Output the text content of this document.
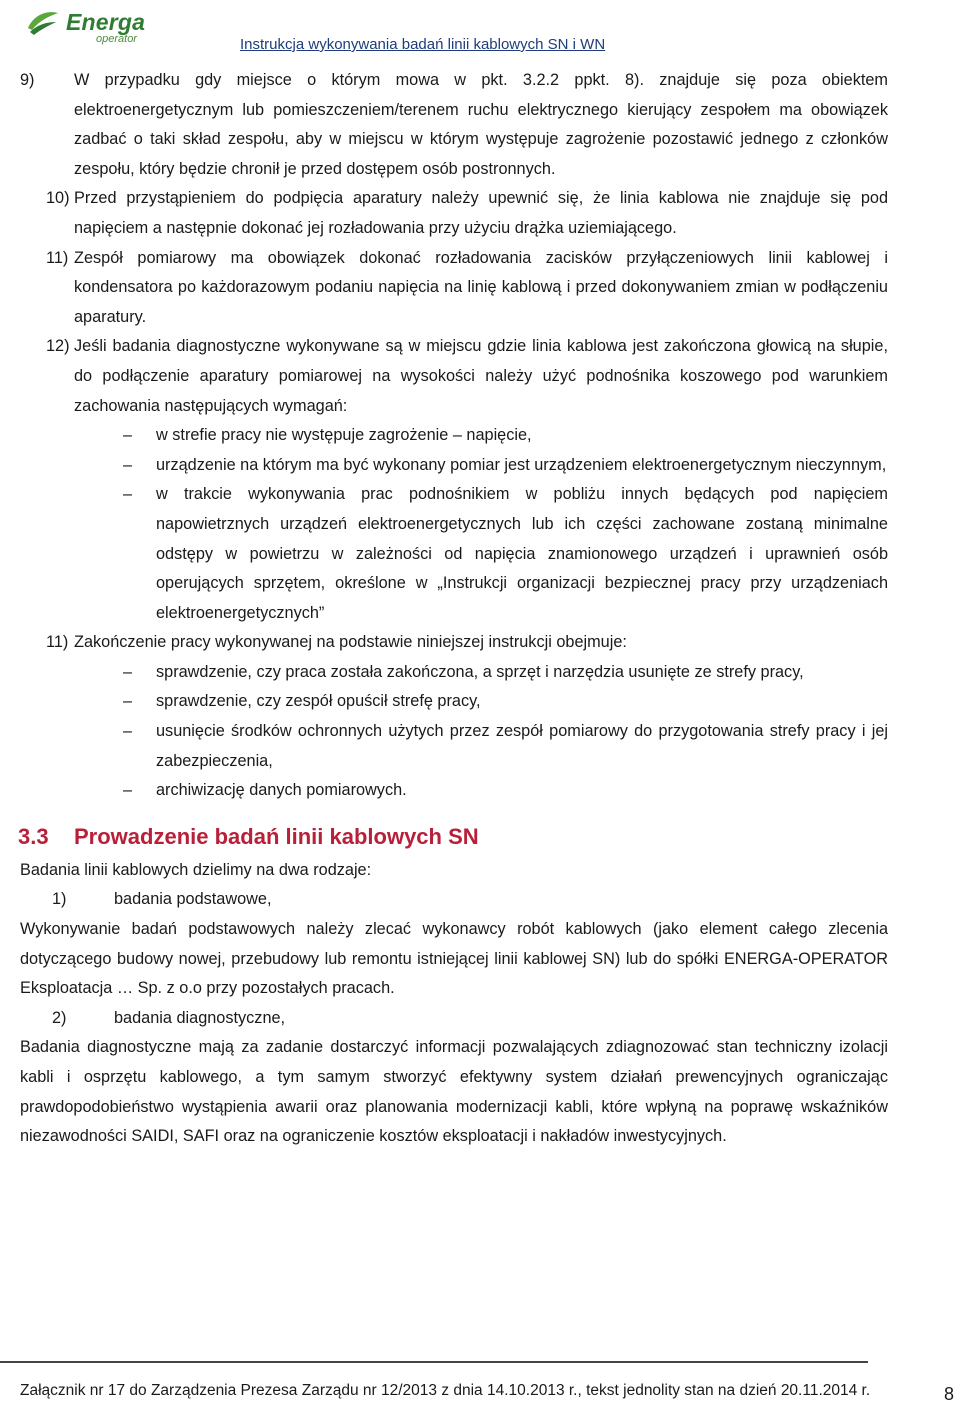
Energa
operator	Instrukcja wykonywania badań linii kablowych SN i WN

9) W przypadku gdy miejsce o którym mowa w pkt. 3.2.2 ppkt. 8). znajduje się poza obiektem elektroenergetycznym lub pomieszczeniem/terenem ruchu elektrycznego kierujący zespołem ma obowiązek zadbać o taki skład zespołu, aby w miejscu w którym występuje zagrożenie pozostawić jednego z członków zespołu, który będzie chronił je przed dostępem osób postronnych.

10) Przed przystąpieniem do podpięcia aparatury należy upewnić się, że linia kablowa nie znajduje się pod napięciem a następnie dokonać jej rozładowania przy użyciu drążka uziemiającego.

11) Zespół pomiarowy ma obowiązek dokonać rozładowania zacisków przyłączeniowych linii kablowej i kondensatora po każdorazowym podaniu napięcia na linię kablową i przed dokonywaniem zmian w podłączeniu aparatury.

12) Jeśli badania diagnostyczne wykonywane są w miejscu gdzie linia kablowa jest zakończona głowicą na słupie, do podłączenie aparatury pomiarowej na wysokości należy użyć podnośnika koszowego pod warunkiem zachowania następujących wymagań:

– w strefie pracy nie występuje zagrożenie – napięcie,

– urządzenie na którym ma być wykonany pomiar jest urządzeniem elektroenergetycznym nieczynnym,

– w trakcie wykonywania prac podnośnikiem w pobliżu innych będących pod napięciem napowietrznych urządzeń elektroenergetycznych lub ich części zachowane zostaną minimalne odstępy w powietrzu w zależności od napięcia znamionowego urządzeń i uprawnień osób operujących sprzętem, określone w „Instrukcji organizacji bezpiecznej pracy przy urządzeniach elektroenergetycznych”

11) Zakończenie pracy wykonywanej na podstawie niniejszej instrukcji obejmuje:

– sprawdzenie, czy praca została zakończona, a sprzęt i narzędzia usunięte ze strefy pracy,

– sprawdzenie, czy zespół opuścił strefę pracy,

– usunięcie środków ochronnych użytych przez zespół pomiarowy do przygotowania strefy pracy i jej zabezpieczenia,

– archiwizację danych pomiarowych.

3.3 Prowadzenie badań linii kablowych SN

Badania linii kablowych dzielimy na dwa rodzaje:

1)	badania podstawowe,

Wykonywanie badań podstawowych należy zlecać wykonawcy robót kablowych (jako element całego zlecenia dotyczącego budowy nowej, przebudowy lub remontu istniejącej linii kablowej SN) lub do spółki ENERGA-OPERATOR Eksploatacja … Sp. z o.o przy pozostałych pracach.

2)	badania diagnostyczne,

Badania diagnostyczne mają za zadanie dostarczyć informacji pozwalających zdiagnozować stan techniczny izolacji kabli i osprzętu kablowego, a tym samym stworzyć efektywny system działań prewencyjnych ograniczając prawdopodobieństwo wystąpienia awarii oraz planowania modernizacji kabli, które wpłyną na poprawę wskaźników niezawodności SAIDI, SAFI oraz na ograniczenie kosztów eksploatacji i nakładów inwestycyjnych.

Załącznik nr 17 do Zarządzenia Prezesa Zarządu nr 12/2013 z dnia 14.10.2013 r., tekst jednolity stan na dzień 20.11.2014 r.	8
